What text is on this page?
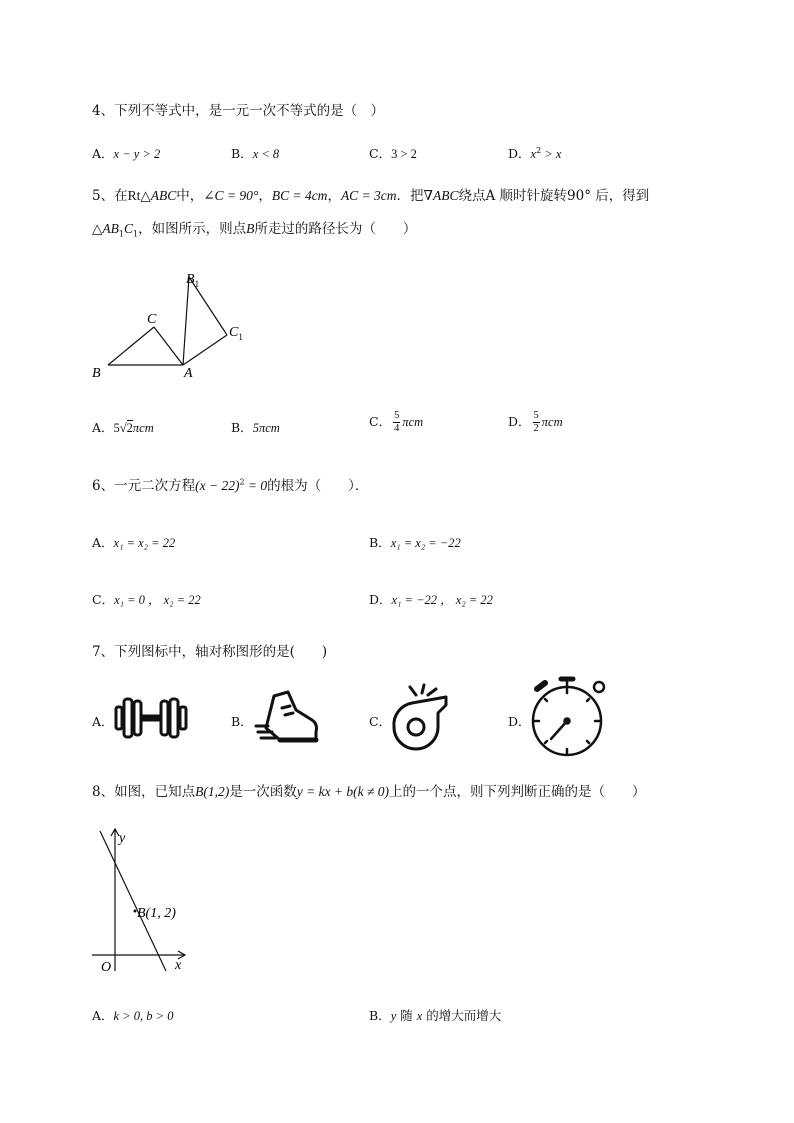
4、下列不等式中，是一元一次不等式的是（　）
A．x − y > 2	B．x < 8	C．3 > 2	D．$x^2 > x$
5、在Rt△ABC中，∠C = 90°，BC = 4cm，AC = 3cm．把∇ABC绕点A 顺时针旋转90° 后，得到
$\triangle AB_1C_1$，如图所示，则点B所走过的路径长为（　　）
$B_1$
C
$C_1$
B	A
A．5√2πcm	B．5πcm	C． $\frac{5}{4}$ πcm	D． $\frac{5}{2}$ πcm
6、一元二次方程$(x - 22)^2 = 0$的根为（　　）．
A．x₁ = x₂ = 22	B．x₁ = x₂ = −22
C．x₁ = 0 ， x₂ = 22	D．x₁ = −22 ， x₂ = 22
7、下列图标中，轴对称图形的是(　　)
A．	B．	C．	D．
8、如图，已知点B(1,2)是一次函数y = kx + b(k ≠ 0)上的一个点，则下列判断正确的是（　　）
y
x
O
B(1, 2)
A．k > 0, b > 0	B．y 随 x 的增大而增大
